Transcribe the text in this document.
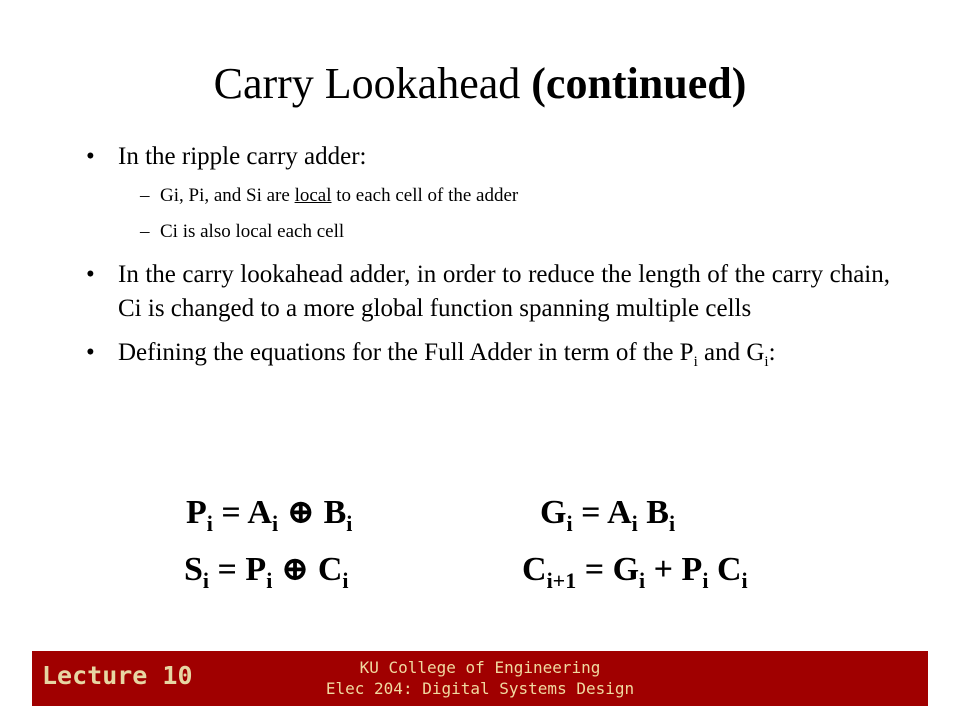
Carry Lookahead (continued)
• In the ripple carry adder:
– Gi, Pi, and Si are local to each cell of the adder
– Ci is also local each cell
• In the carry lookahead adder, in order to reduce the length of the carry chain, Ci is changed to a more global function spanning multiple cells
• Defining the equations for the Full Adder in term of the $P_i$ and $G_i$:
$P_i = A_i$ ⊕ $B_i$	$G_i = A_i$ $B_i$
$S_i = P_i$ ⊕ $C_i$	$C_{i+1} = G_i + P_i$ $C_i$
Lecture 10	KU College of Engineering
Elec 204: Digital Systems Design
